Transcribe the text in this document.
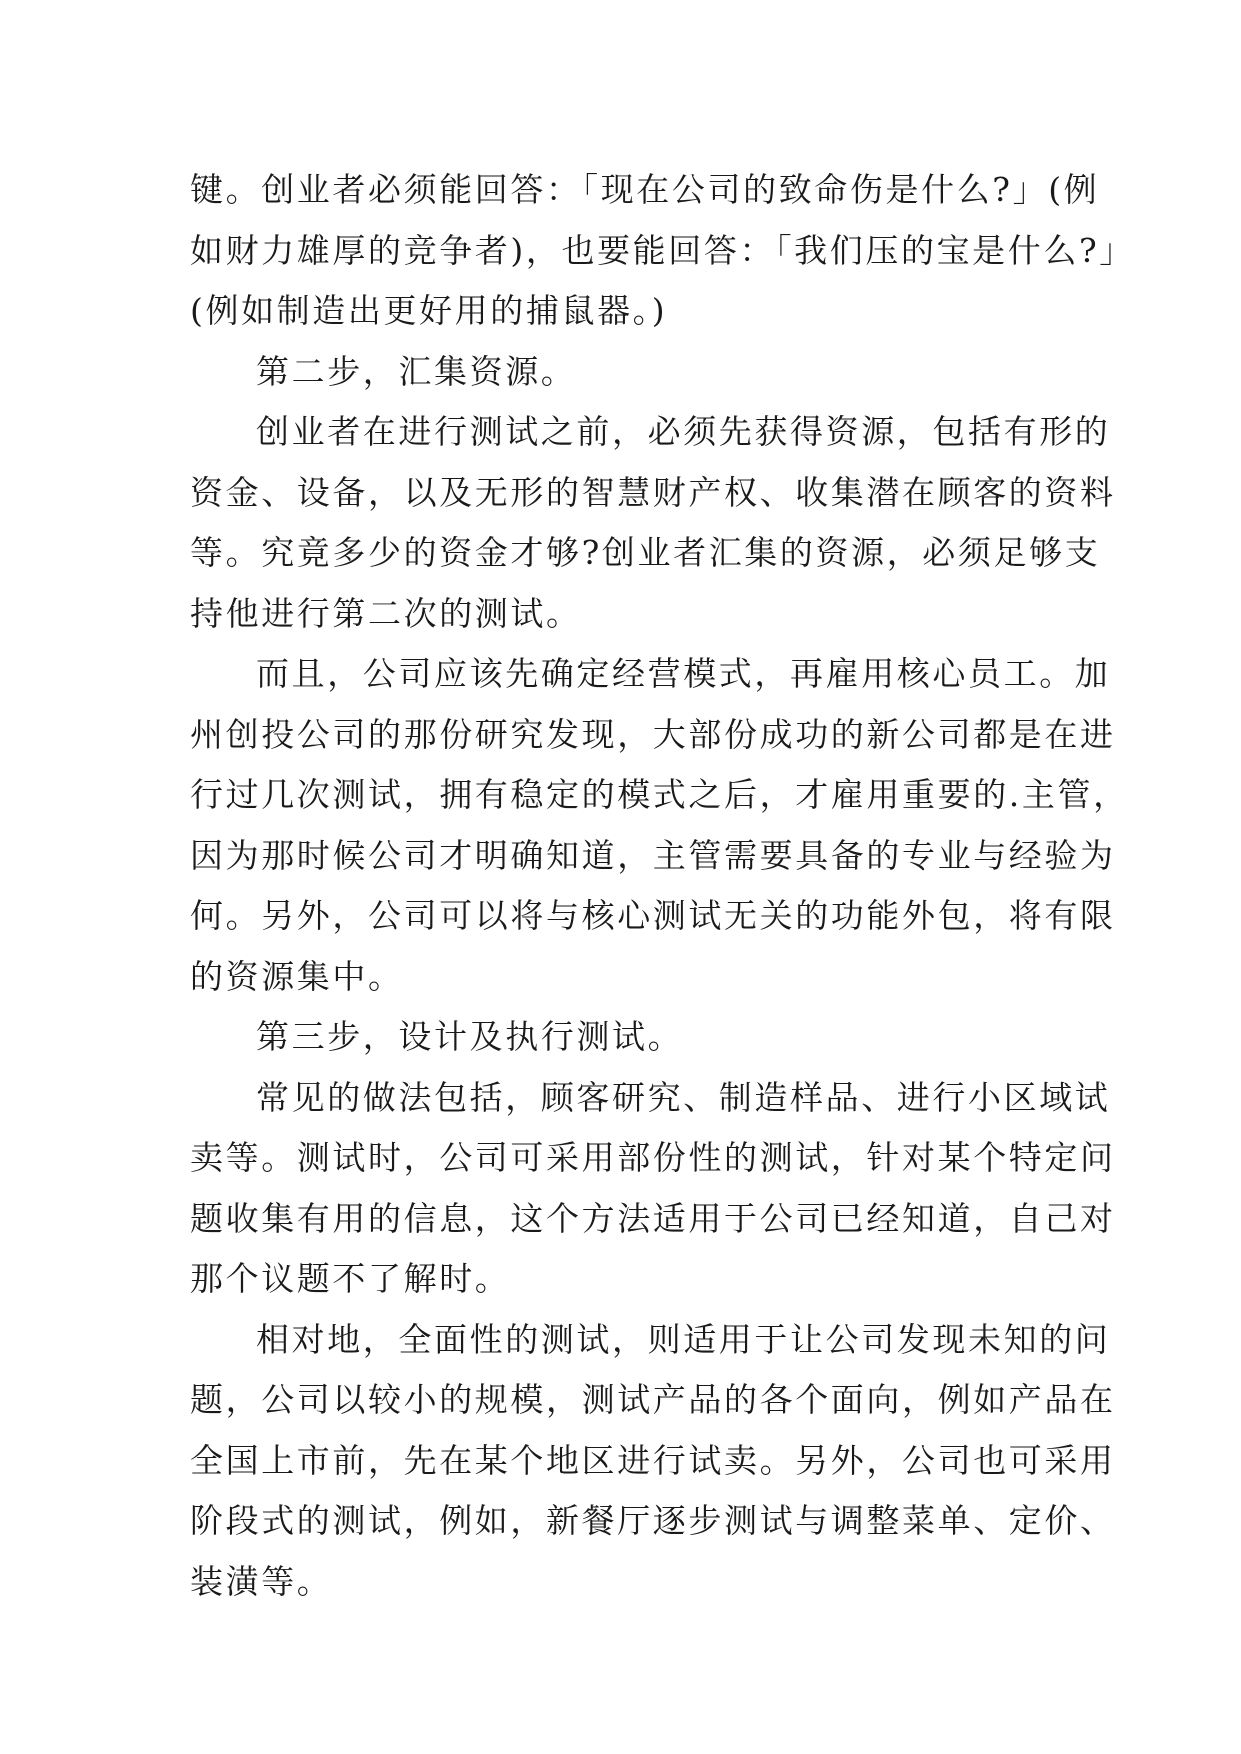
键。创业者必须能回答：「现在公司的致命伤是什么?」(例
如财力雄厚的竞争者)，也要能回答：「我们压的宝是什么?」
(例如制造出更好用的捕鼠器。)
第二步，汇集资源。
创业者在进行测试之前，必须先获得资源，包括有形的
资金、设备，以及无形的智慧财产权、收集潜在顾客的资料
等。究竟多少的资金才够?创业者汇集的资源，必须足够支
持他进行第二次的测试。
而且，公司应该先确定经营模式，再雇用核心员工。加
州创投公司的那份研究发现，大部份成功的新公司都是在进
行过几次测试，拥有稳定的模式之后，才雇用重要的.主管，
因为那时候公司才明确知道，主管需要具备的专业与经验为
何。另外，公司可以将与核心测试无关的功能外包，将有限
的资源集中。
第三步，设计及执行测试。
常见的做法包括，顾客研究、制造样品、进行小区域试
卖等。测试时，公司可采用部份性的测试，针对某个特定问
题收集有用的信息，这个方法适用于公司已经知道，自己对
那个议题不了解时。
相对地，全面性的测试，则适用于让公司发现未知的问
题，公司以较小的规模，测试产品的各个面向，例如产品在
全国上市前，先在某个地区进行试卖。另外，公司也可采用
阶段式的测试，例如，新餐厅逐步测试与调整菜单、定价、
装潢等。
